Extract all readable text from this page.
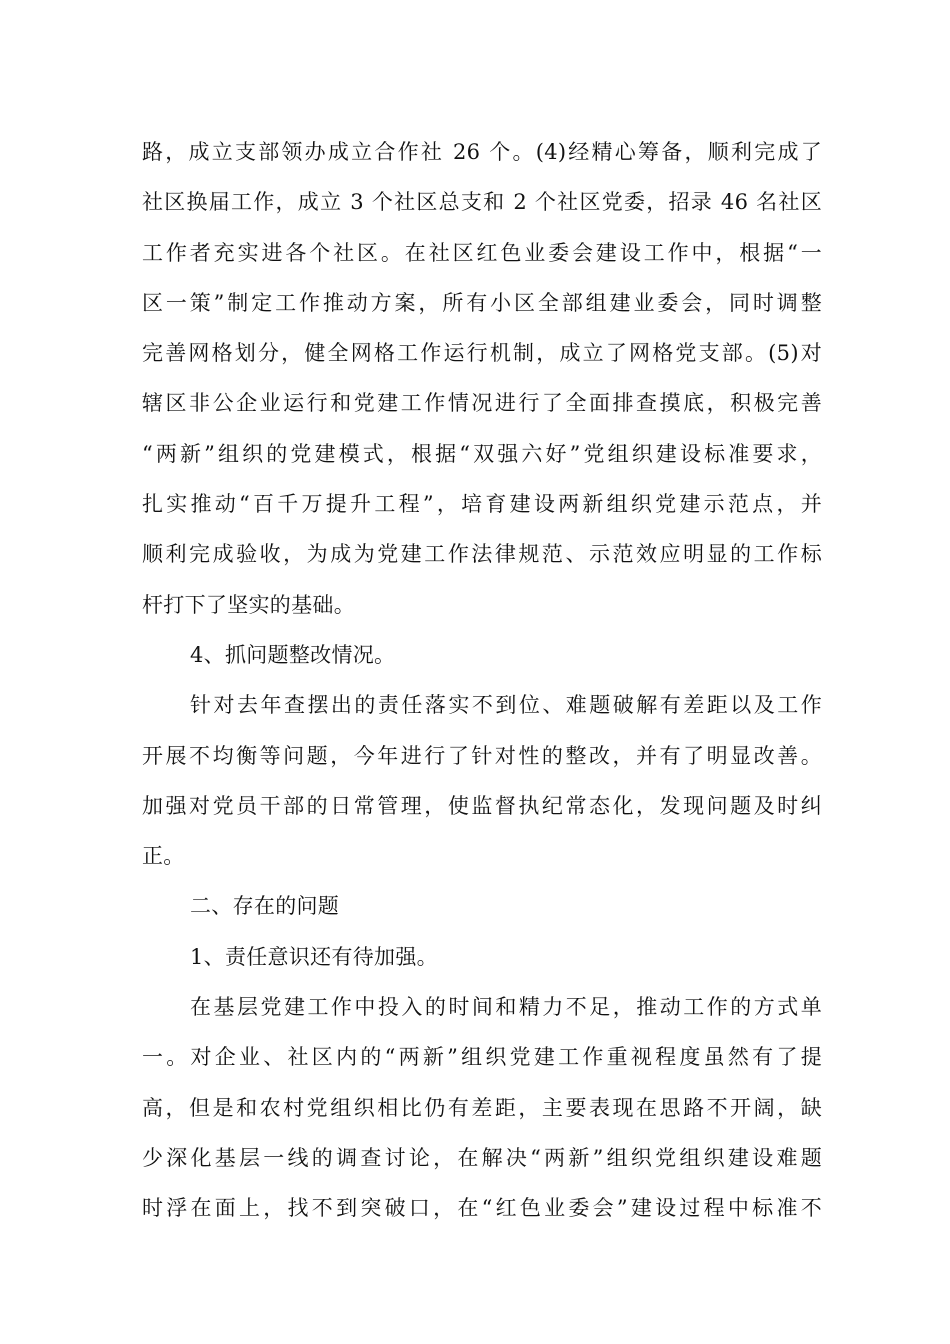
路，成立支部领办成立合作社 26 个。(4)经精心筹备，顺利完成了
社区换届工作，成立 3 个社区总支和 2 个社区党委，招录 46 名社区
工作者充实进各个社区。在社区红色业委会建设工作中，根据“一
区一策”制定工作推动方案，所有小区全部组建业委会，同时调整
完善网格划分，健全网格工作运行机制，成立了网格党支部。(5)对
辖区非公企业运行和党建工作情况进行了全面排查摸底，积极完善
“两新”组织的党建模式，根据“双强六好”党组织建设标准要求，
扎实推动“百千万提升工程”，培育建设两新组织党建示范点，并
顺利完成验收，为成为党建工作法律规范、示范效应明显的工作标
杆打下了坚实的基础。
4、抓问题整改情况。
针对去年查摆出的责任落实不到位、难题破解有差距以及工作
开展不均衡等问题，今年进行了针对性的整改，并有了明显改善。
加强对党员干部的日常管理，使监督执纪常态化，发现问题及时纠
正。
二、存在的问题
1、责任意识还有待加强。
在基层党建工作中投入的时间和精力不足，推动工作的方式单
一。对企业、社区内的“两新”组织党建工作重视程度虽然有了提
高，但是和农村党组织相比仍有差距，主要表现在思路不开阔，缺
少深化基层一线的调查讨论，在解决“两新”组织党组织建设难题
时浮在面上，找不到突破口，在“红色业委会”建设过程中标准不
